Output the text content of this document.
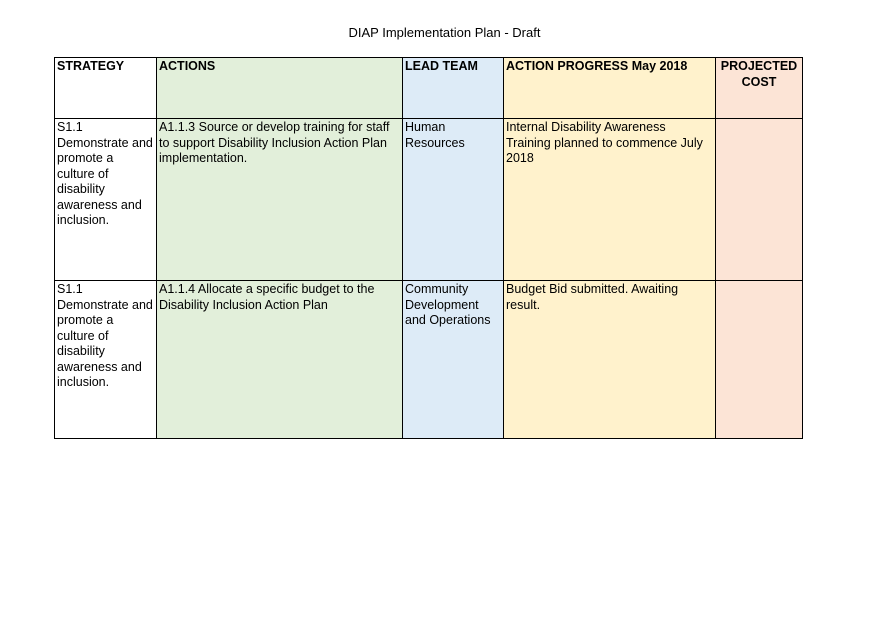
DIAP Implementation Plan - Draft
STRATEGY	ACTIONS	LEAD TEAM	ACTION PROGRESS May 2018	PROJECTED COST
S1.1 Demonstrate and promote a culture of disability awareness and inclusion.	A1.1.3 Source or develop training for staff to support Disability Inclusion Action Plan implementation.	Human Resources	Internal Disability Awareness Training planned to commence July 2018	
S1.1 Demonstrate and promote a culture of disability awareness and inclusion.	A1.1.4 Allocate a specific budget to the Disability Inclusion Action Plan	Community Development and Operations	Budget Bid submitted. Awaiting result.	
